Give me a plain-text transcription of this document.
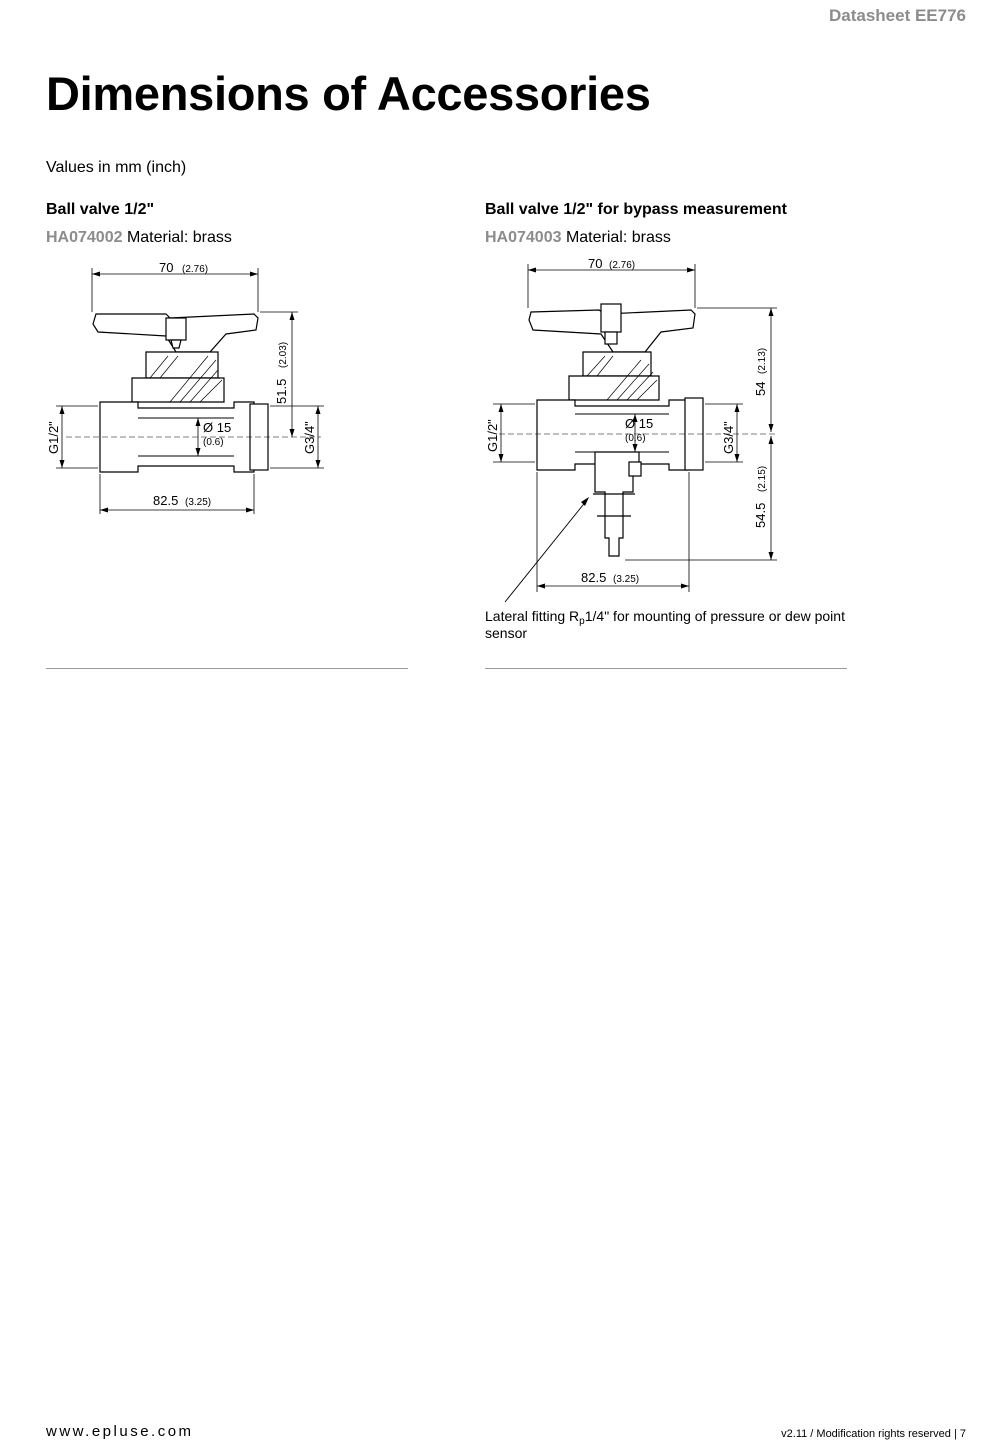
Datasheet EE776
Dimensions of Accessories
Values in mm (inch)
Ball valve 1/2"
HA074002 Material: brass
70 (2.76)
Ø 15
(0.6)
G1/2"	G3/4"
51.5
(2.03)
82.5 (3.25)
Ball valve 1/2" for bypass measurement
HA074003 Material: brass
70 (2.76)
Ø 15
(0.6)
G1/2"	G3/4"
54
(2.13)
54.5
(2.15)
82.5 (3.25)
Lateral fitting $R_p1/4$" for mounting of pressure or dew point sensor
www.epluse.com	v2.11 / Modification rights reserved | 7
